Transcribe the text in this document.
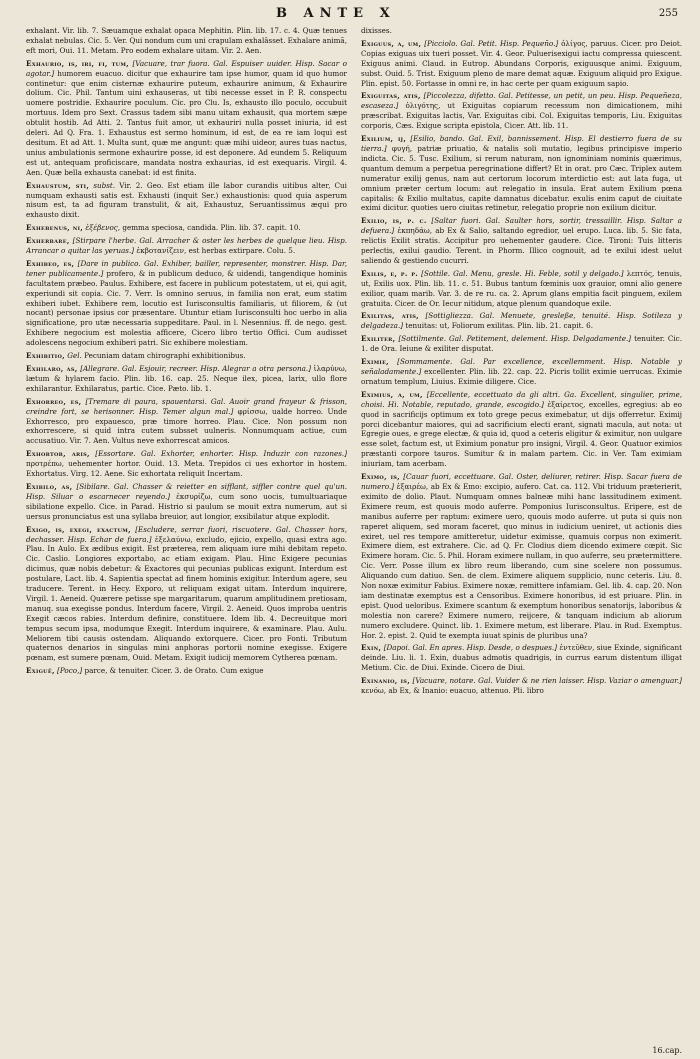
B ANTE X	255

exhalant. Vir. lib. 7. Sæuamque exhalat opaca Mephitin. Plin. lib. 17. c. 4. Quæ tenues exhalat nebulas. Cic. 5. Ver. Qui nondum cum uni crapulam exhalâsset. Exhalare animã, eft mori, Oui. 11. Metam. Pro eodem exhalare uitam. Vir. 2. Aen.

Exhaurio, is, iri, fi, tum, [Vacuare, trar fuora. Gal. Espuiser uuider. Hisp. Sacar o agotar.] humorem euacuo. dicitur que exhaurire tam ipse humor, quam id quo humor continetur: que enim cisternæ exhaurire puteum, exhaurire animum, & Exhaurire dolium. Cic. Phil. Tantum uini exhauseras, ut tibi necesse esset in P. R. conspectu uomere postridie. Exhaurire poculum. Cic. pro Clu. Is, exhausto illo poculo, occubuit mortuus. Idem pro Sext. Crassus tadem sibi manu uitam exhausit, qua mortem sæpe obtulit hostib. Ad Atti. 2. Tantus fuit amor, ut exhauriri nulla posset iniuria, id est deleri. Ad Q. Fra. 1. Exhaustus est sermo hominum, id est, de ea re iam loqui est desitum. Et ad Att. 1. Multa sunt, quæ me angunt: quæ mihi uideor, aures tuas nactus, unius ambulationis sermone exhaurire posse, id est deponere. Ad eundem 5. Reliquum est ut, antequam proficiscare, mandata nostra exhaurias, id est exequaris. Virgil. 4. Aen. Quæ bella exhausta canebat: id est finita.

Exhaustum, sti, subst. Vir. 2. Geo. Est etiam ille labor curandis uitibus alter, Cui numquam exhausti satis est. Exhausti (inquit Ser.) exhaustionis: quod quia asperum nisum est, ta ad figuram transtulit, & ait, Exhaustuz, Seruantissimus æqui pro exhausto dixit.

Exhebenus, ni, ἐξέβενος, gemma speciosa, candida. Plin. lib. 37. capit. 10.

Exherbare, [Stirpare l'herbe. Gal. Arracher & oster les herbes de quelque lieu. Hisp. Arrancar o quitar las yeruas.] ἐκβοτανίζειν, est herbas extirpare. Colu. 5.

Exhibeo, es, [Dare in publico. Gal. Exhiber, bailler, representer, monstrer. Hisp. Dar, tener publicamente.] profero, & in publicum deduco, & uidendi, tangendique hominis facultatem præbeo. Paulus. Exhibere, est facere in publicum potestatem, ut ei, qui agit, experiundi sit copia. Cic. 7. Verr. Is omnino seruus, in familia non erat, eum statim exhiberi iubet. Exhibere rem, locutio est Iurisconsultis familiaris, ut filiorem, & (ut nocant) personae ipsius cor præsentare. Utuntur etiam Iurisconsulti hoc uerbo in alia significatione, pro utæ necessaria suppeditare. Paul. in l. Nesennius. ff. de nego. gest. Exhibere negocium est molestia afficere, Cicero libro tertio Offici. Cum audisset adolescens negocium exhiberi patri. Sic exhibere molestiam.

Exhibitio, Gel. Pecuniam datam chirographi exhibitionibus.

Exhilaro, as, [Allegrare. Gal. Esjouir, recreer. Hisp. Alegrar a otra persona.] ἱλαρύνω, lætum & hylarem facio. Plin. lib. 16. cap. 25. Neque ilex, picea, larix, ullo flore exhilarantur. Exhilaratus, partic. Cice. Pæto. lib. 1.

Exhorreo, es, [Tremare di paura, spauentarsi. Gal. Auoir grand frayeur & frisson, creindre fort, se herisonner. Hisp. Temer algun mal.] φρίσσω, ualde horreo. Unde Exhorresco, pro expauesco, præ timore horreo. Plau. Cice. Non possum non exhorrescere, si quid intra cutem subsset uulneris. Nonnumquam actiue, cum accusatiuo. Vir. 7. Aen. Vultus neve exhorrescat amicos.

Exhortor, aris, [Essortare. Gal. Exhorter, enhorter. Hisp. Induzir con razones.] προτρέπω, uehementer hortor. Ouid. 13. Meta. Trepidos ci ues exhortor in hostem. Exhortatus. Virg. 12. Aene. Sic exhortata reliquit Incertam.

Exibilo, as, [Sibilare. Gal. Chasser & reietter en sifflant, siffler contre quel qu'un. Hisp. Siluar o escarnecer reyendo.] ἐκσυρίζω, cum sono uocis, tumultuariaque sibilatione expello. Cice. in Parad. Histrio si paulum se mouit extra numerum, aut si uersus pronunciatus est una syllaba breuior, aut longior, exsibilatur atque explodit.

Exigo, is, exegi, exactum, [Escludere, serrar fuori, riscuotere. Gal. Chasser hors, dechasser. Hisp. Echar de fuera.] ἐξελαύνω, excludo, ejicio, expello, quasi extra ago. Plau. In Aulo. Ex ædibus exigit. Est præterea, rem aliquam iure mihi debitam repeto. Cic. Caslio. Longiores exportabo, ac etiam exigam. Plau. Hinc Exigere pecunias dicimus, quæ nobis debetur: & Exactores qui pecunias publicas exigunt. Interdum est postulare, Lact. lib. 4. Sapientia spectat ad finem hominis exigitur. Interdum agere, seu traducere. Terent. in Hecy. Exporo, ut reliquam exigat uitam. Interdum inquirere, Virgil. 1. Aeneid. Quærere petisse spe margaritarum, quarum amplitudinem pretiosam, manuq. sua exegisse pondus. Interdum facere, Virgil. 2. Aeneid. Quos improba uentris Exegit cæcos rabies. Interdum definire, constituere. Idem lib. 4. Decreuitque mori tempus secum ipsa, modumque Exegit. Interdum inquirere, & examinare. Plau. Aulu. Meliorem tibi causis ostendam. Aliquando extorquere. Cicer. pro Fonti. Tributum quaternos denarios in singulas mini anphoras portorii nomine exegisse. Exigere pœnam, est sumere pœnam, Ouid. Metam. Exigit iudicij memorem Cytherea pœnam.

Exiguë, [Poco,] parce, & tenuiter. Cicer. 3. de Orato. Cum exigue

dixisses.

Exiguus, a, um, [Picciolo. Gal. Petit. Hisp. Pequeño.] ὀλίγος, paruus. Cicer. pro Deiot. Copias exiguas uix tueri posset. Vir. 4. Geor. Puluerisexigui iactu compressa quiescent. Exiguus animi. Claud. in Eutrop. Abundans Corporis, exiguusque animi. Exiguum, subst. Ouid. 5. Trist. Exiguum pleno de mare demat aquæ. Exiguum aliquid pro Exigue. Plin. epist. 50. Fortasse in omni re, in hac certe per quam exiguum sapio.

Exiguitas, atis, [Piccolezza, difetto. Gal. Petitesse, un petit, un peu. Hisp. Pequeñeza, escaseza.] ὀλιγότης, ut Exiguitas copiarum recessum non dimicationem, mihi præscribat. Exiguitas lactis, Var. Exiguitas cibi. Col. Exiguitas temporis, Liu. Exiguitas corporis, Cæs. Exigue scripta epistola, Cicer. Att. lib. 11.

Exilium, ij, [Esilio, bando. Gal. Exil, bannissement. Hisp. El destierro fuera de su tierra.] φυγή, patriæ priuatio, & natalis soli mutatio, legibus principisve imperio indicta. Cic. 5. Tusc. Exilium, si rerum naturam, non ignominiam nominis quærimus, quantum demum a perpetua peregrinatione differt? Et in orat. pro Cæc. Triplex autem numeratur exilij genus, nam aut certorum locorum interdictio est: aut lata fuga, ut omnium præter certum locum: aut relegatio in insula. Erat autem Exilium pœna capitalis: & Exilio multatus, capite damnatus dicebatur. exulis enim caput de ciuitate eximi dicitur. quoties uero ciuitas retinetur, relegatio proprie non exilium dicitur.

Exilio, is, p. c. [Saltar fuori. Gal. Saulter hors, sortir, tressaillir. Hisp. Saltar a defuera.] ἐκπηδάω, ab Ex & Salio, saltando egredior, uel erupo. Luca. lib. 5. Sic fata, relictis Exilit stratis. Accipitur pro uehementer gaudere. Cice. Tironi: Tuis litteris perlectis, exilui gaudio. Terent. in Phorm. Illico cognouit, ad te exilui idest uelut saliendo & gestiendo cucurri.

Exilis, e, p. p. [Sottile. Gal. Menu, gresle. Hi. Feble, sotil y delgado.] λεπτός, tenuis, ut, Exilis uox. Plin. lib. 11. c. 51. Bubus tantum fœminis uox grauior, omni alio genere exilior, quam marib. Var. 3. de re ru. ca. 2. Aprum glans empitia facit pinguem, exilem gratuita. Cicer. de Or. Iecur nitidum, atque plenum quandoque exile.

Exilitas, atis, [Sottigliezza. Gal. Menuete, gresleße, tenuité. Hisp. Sotileza y delgadeza.] tenuitas: ut, Foliorum exilitas. Plin. lib. 21. capit. 6.

Exiliter, [Sottilmente. Gal. Petitement, delement. Hisp. Delgadamente.] tenuiter. Cic. 1. de Ora. Ieiune & exiliter disputat.

Eximie, [Sommamente. Gal. Par excellence, excellemment. Hisp. Notable y señaladamente.] excellenter. Plin. lib. 22. cap. 22. Picris tollit eximie uerrucas. Eximie ornatum templum, Liuius. Eximie diligere. Cice.

Eximius, a, um, [Eccellente, eccettuato da gli altri. Ga. Excellent, singulier, prime, choisi. Hi. Notable, reputado, grande, escogido.] ἐξαίρετος, excelles, egregius: ab eo quod in sacrificijs optimum ex toto grege pecus eximebatur, ut dijs offerretur. Eximij porci dicebantur maiores, qui ad sacrificium electi erant, signati macula, aut nota: ut Egregie oues, e grege electæ, & quia id, quod a ceteris eligitur & eximitur, non uulgare esse solet, factum est, ut Eximium ponatur pro insigni, Virgil. 4. Geor. Quatuor eximios præstanti corpore tauros. Sumitur & in malam partem. Cic. in Ver. Tam eximiam iniuriam, tam acerbam.

Eximo, is, [Cauar fuori, eccettuare. Gal. Oster, deliurer, retirer. Hisp. Sacar fuera de numero.] ἐξαιρέω, ab Ex & Emo: excipio, aufero. Cat. ca. 112. Vbi triduum præterierit, eximito de dolio. Plaut. Numquam omnes balneæ mihi hanc lassitudinem eximent. Eximere reum, est quouis modo auferre. Pomponius Iurisconsultus. Eripere, est de manibus auferre per raptum: eximere uero, quouis modo auferre. ut puta si quis non raperet aliquem, sed moram faceret, quo minus in iudicium ueniret, ut actionis dies exiret, uel res tempore amitteretur, uidetur eximisse, quamuis corpus non eximerit. Eximere diem, est extrahere. Cic. ad Q. Fr. Clodius diem dicendo eximere cœpit. Sic Eximere horam. Cic. 5. Phil. Horam eximere nullam, in quo auferre, seu prætermittere. Cic. Verr. Posse illum ex libro reum liberando, cum sine scelere non possumus. Aliquando cum datiuo. Sen. de clem. Eximere aliquem supplicio, nunc ceteris. Liu. 8. Non noxæ eximitur Fabius. Eximere noxæ, remittere infamiam. Gel. lib. 4. cap. 20. Non iam destinatæ exemptus est a Censoribus. Eximere honoribus, id est priuare. Plin. in epist. Quod ueloribus. Eximere scantum & exemptum honoribus senatorijs, laboribus & molestia non carere? Eximere numero, reijcere, & tanquam indicium ab aliorum numero excludere. Quinct. lib. 1. Eximere metum, est liberare. Plau. in Rud. Exemptus. Hor. 2. epist. 2. Quid te exempta iuuat spinis de pluribus una?

Exin, [Dapoi. Gal. En apres. Hisp. Desde, o despues.] ἐντεῦθεν, siue Exinde, significant deinde. Liu. li. 1. Exin, duabus admotis quadrigis, in currus earum distentum illigat Metium. Cic. de Diui. Exinde. Cicero de Diui.

Exinanio, is, [Vacuare, notare. Gal. Vuider & ne rien laisser. Hisp. Vaziar o amenguar.] κενόω, ab Ex, & Inanio: euacuo, attenuo. Pli. libro

16.cap.
